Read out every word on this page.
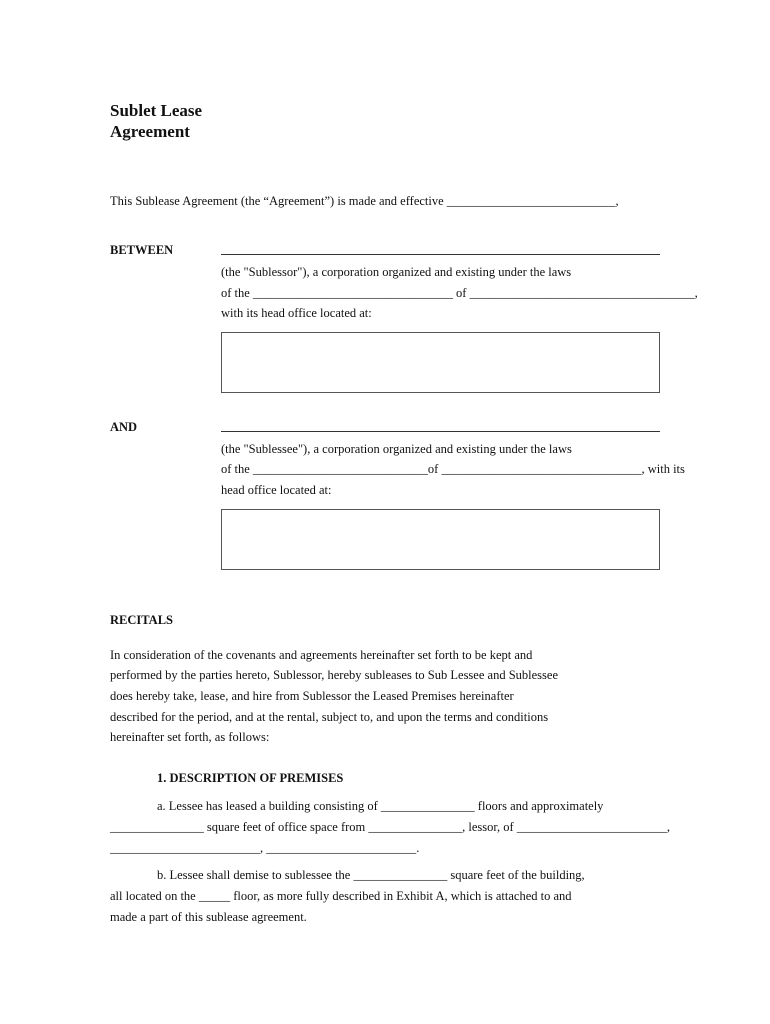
Sublet Lease
Agreement
This Sublease Agreement (the “Agreement”) is made and effective ___________________________,
BETWEEN
(the "Sublessor"), a corporation organized and existing under the laws
of the ________________________________ of ____________________________________,
with its head office located at:
AND
(the "Sublessee"), a corporation organized and existing under the laws
of the ____________________________of ________________________________, with its
head office located at:
RECITALS
In consideration of the covenants and agreements hereinafter set forth to be kept and
performed by the parties hereto, Sublessor, hereby subleases to Sub Lessee and Sublessee
does hereby take, lease, and hire from Sublessor the Leased Premises hereinafter
described for the period, and at the rental, subject to, and upon the terms and conditions
hereinafter set forth, as follows:
1. DESCRIPTION OF PREMISES
a. Lessee has leased a building consisting of _______________ floors and approximately
_______________ square feet of office space from _______________, lessor, of ________________________,
________________________, ________________________.
b. Lessee shall demise to sublessee the _______________ square feet of the building,
all located on the _____ floor, as more fully described in Exhibit A, which is attached to and
made a part of this sublease agreement.
